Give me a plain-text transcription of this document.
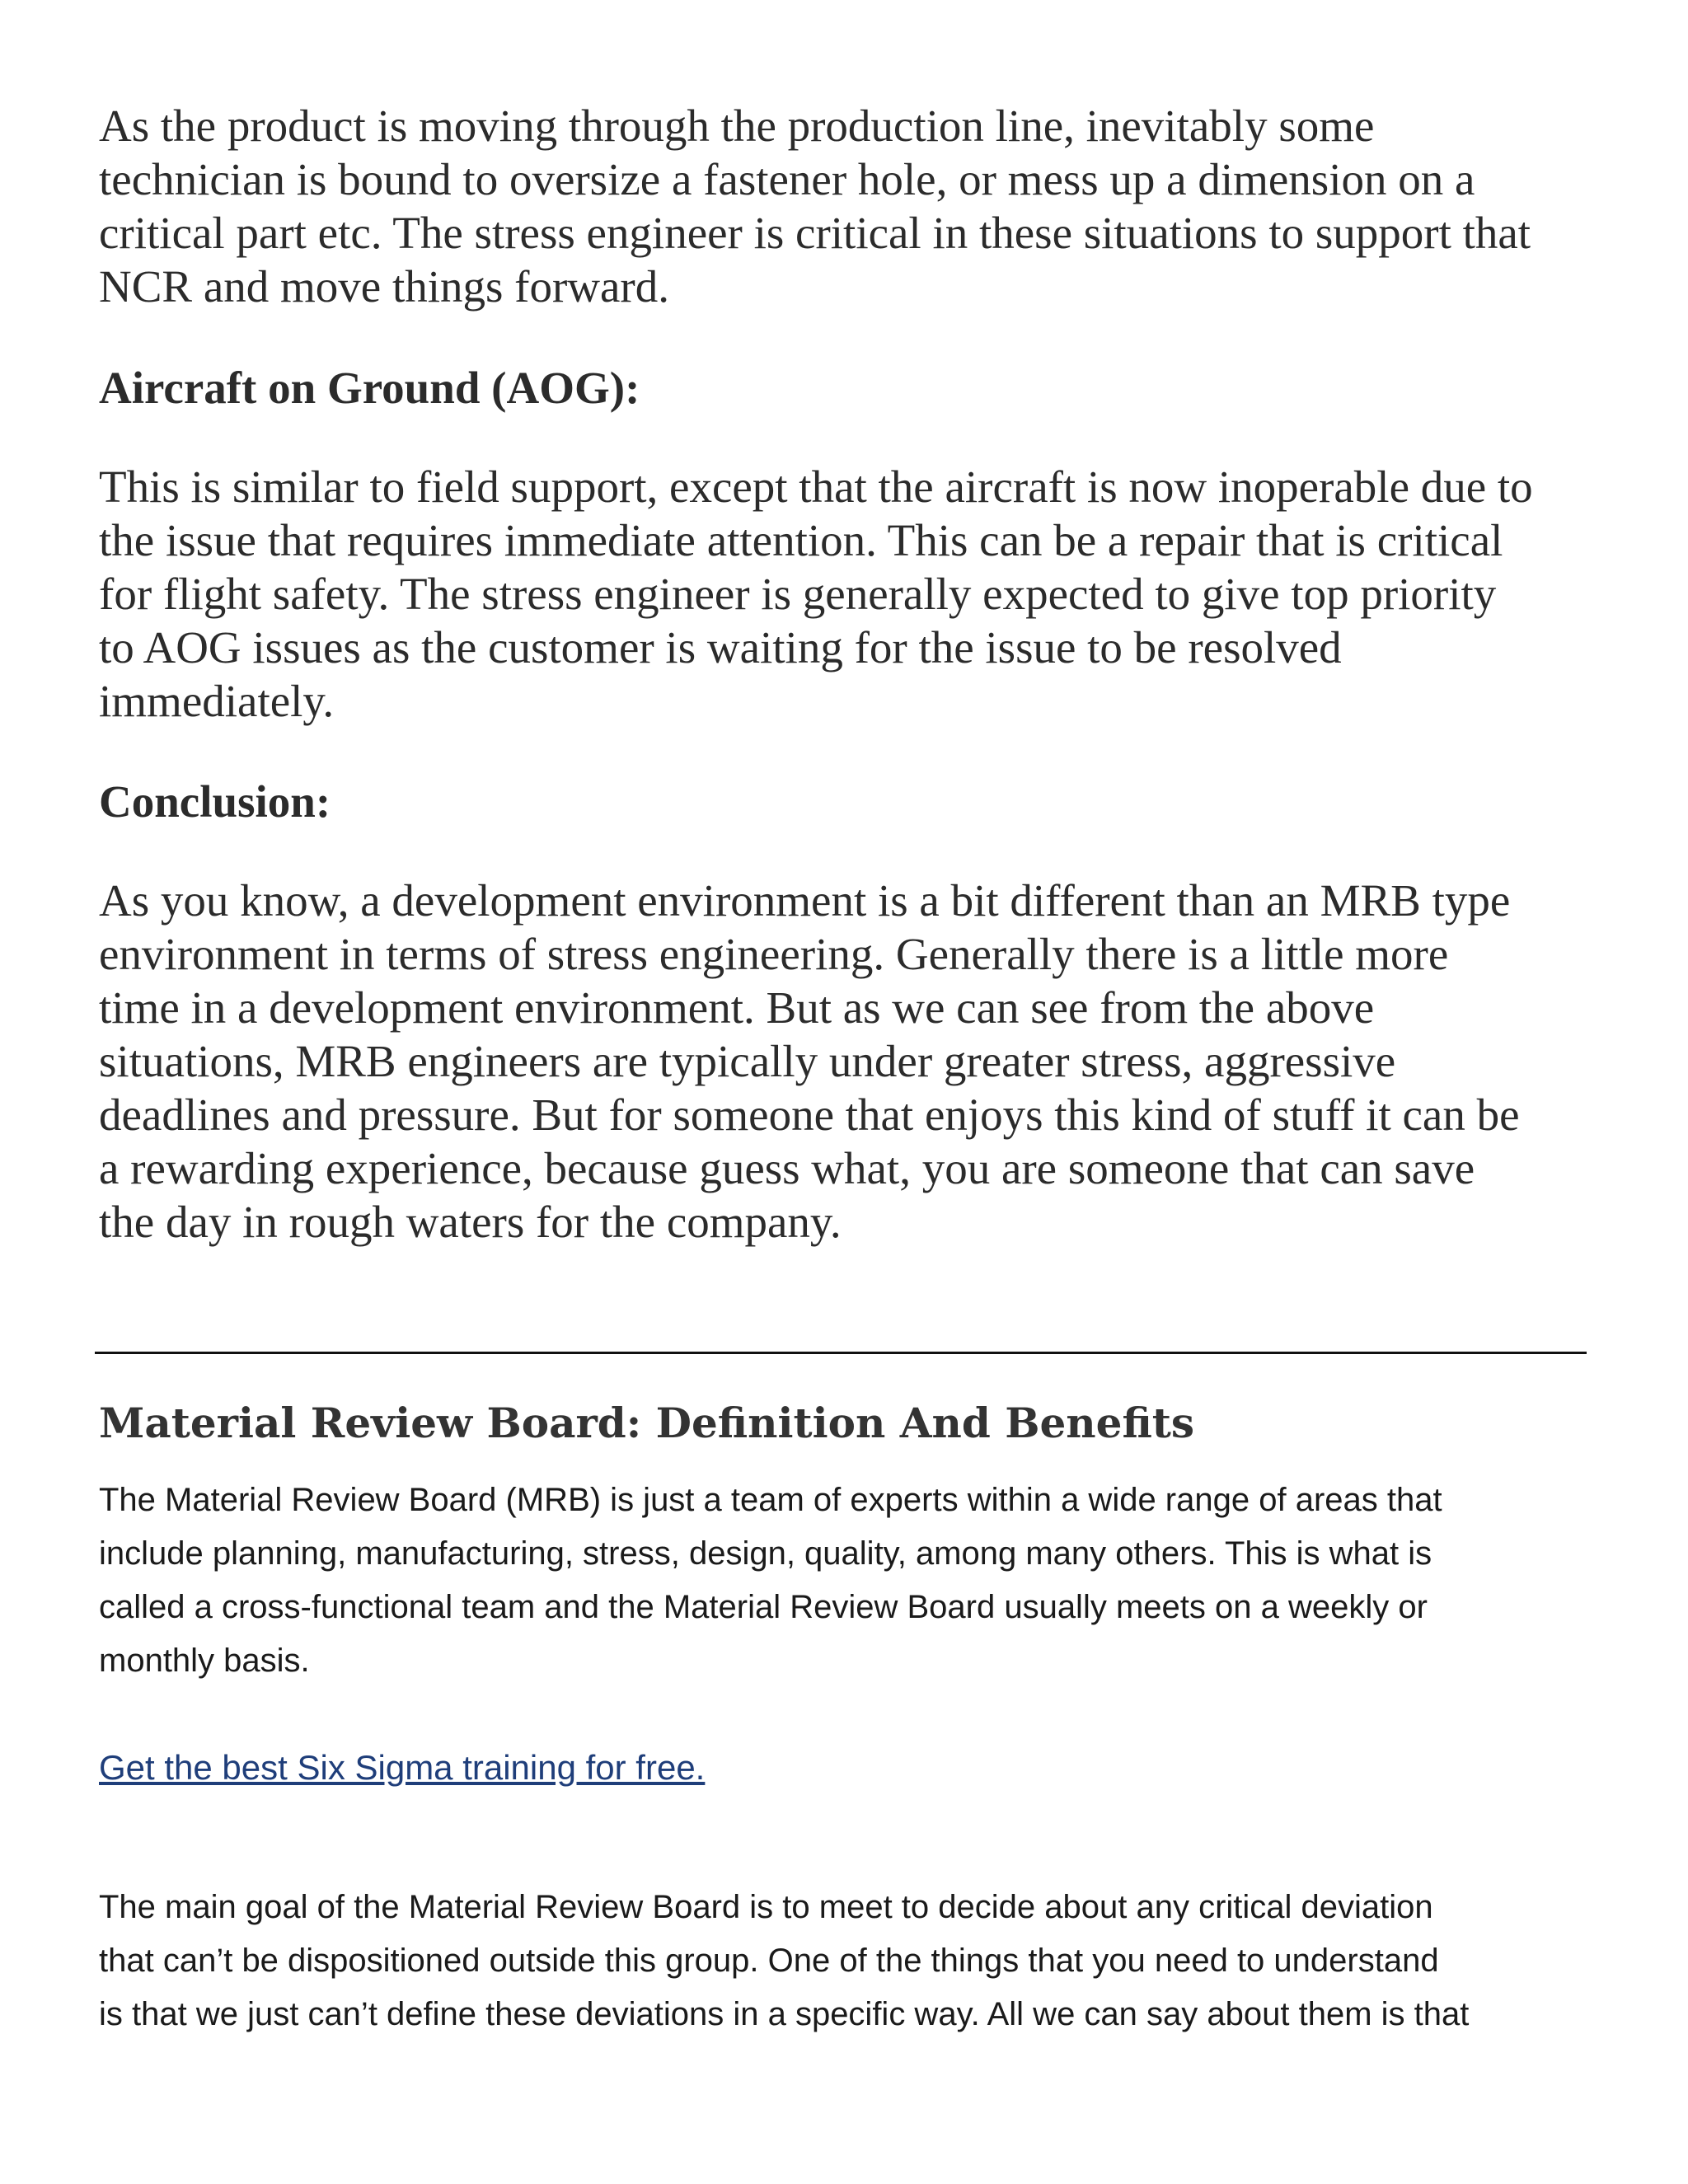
As the product is moving through the production line, inevitably some
technician is bound to oversize a fastener hole, or mess up a dimension on a
critical part etc. The stress engineer is critical in these situations to support that
NCR and move things forward.

Aircraft on Ground (AOG):

This is similar to field support, except that the aircraft is now inoperable due to
the issue that requires immediate attention. This can be a repair that is critical
for flight safety. The stress engineer is generally expected to give top priority
to AOG issues as the customer is waiting for the issue to be resolved
immediately.

Conclusion:

As you know, a development environment is a bit different than an MRB type
environment in terms of stress engineering. Generally there is a little more
time in a development environment. But as we can see from the above
situations, MRB engineers are typically under greater stress, aggressive
deadlines and pressure. But for someone that enjoys this kind of stuff it can be
a rewarding experience, because guess what, you are someone that can save
the day in rough waters for the company.

Material Review Board: Definition And Benefits

The Material Review Board (MRB) is just a team of experts within a wide range of areas that
include planning, manufacturing, stress, design, quality, among many others. This is what is
called a cross-functional team and the Material Review Board usually meets on a weekly or
monthly basis.

Get the best Six Sigma training for free.

The main goal of the Material Review Board is to meet to decide about any critical deviation
that can’t be dispositioned outside this group. One of the things that you need to understand
is that we just can’t define these deviations in a specific way. All we can say about them is that
